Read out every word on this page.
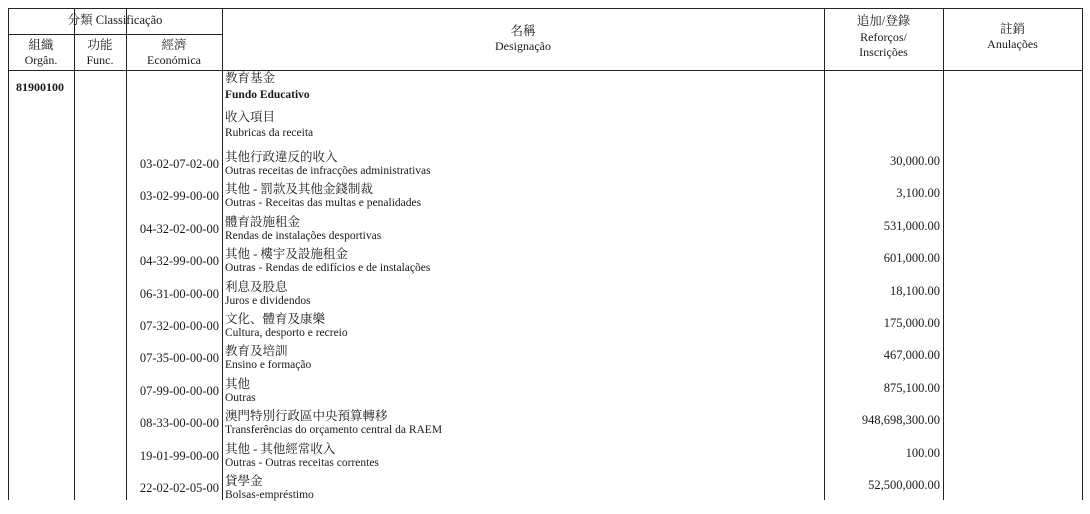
分類 Classificação
組織
Orgân.
功能
Func.
經濟
Económica
名稱
Designação
追加/登錄
Reforços/
Inscrições
註銷
Anulações
81900100
教育基金
Fundo Educativo
收入項目
Rubricas da receita
03-02-07-02-00 其他行政違反的收入
Outras receitas de infracções administrativas
30,000.00
03-02-99-00-00 其他 - 罰款及其他金錢制裁
Outras - Receitas das multas e penalidades
3,100.00
04-32-02-00-00 體育設施租金
Rendas de instalações desportivas
531,000.00
04-32-99-00-00 其他 - 樓宇及設施租金
Outras - Rendas de edifícios e de instalações
601,000.00
06-31-00-00-00 利息及股息
Juros e dividendos
18,100.00
07-32-00-00-00 文化、體育及康樂
Cultura, desporto e recreio
175,000.00
07-35-00-00-00 教育及培訓
Ensino e formação
467,000.00
07-99-00-00-00 其他
Outras
875,100.00
08-33-00-00-00 澳門特別行政區中央預算轉移
Transferências do orçamento central da RAEM
948,698,300.00
19-01-99-00-00 其他 - 其他經常收入
Outras - Outras receitas correntes
100.00
22-02-02-05-00 貸學金
Bolsas-empréstimo
52,500,000.00
